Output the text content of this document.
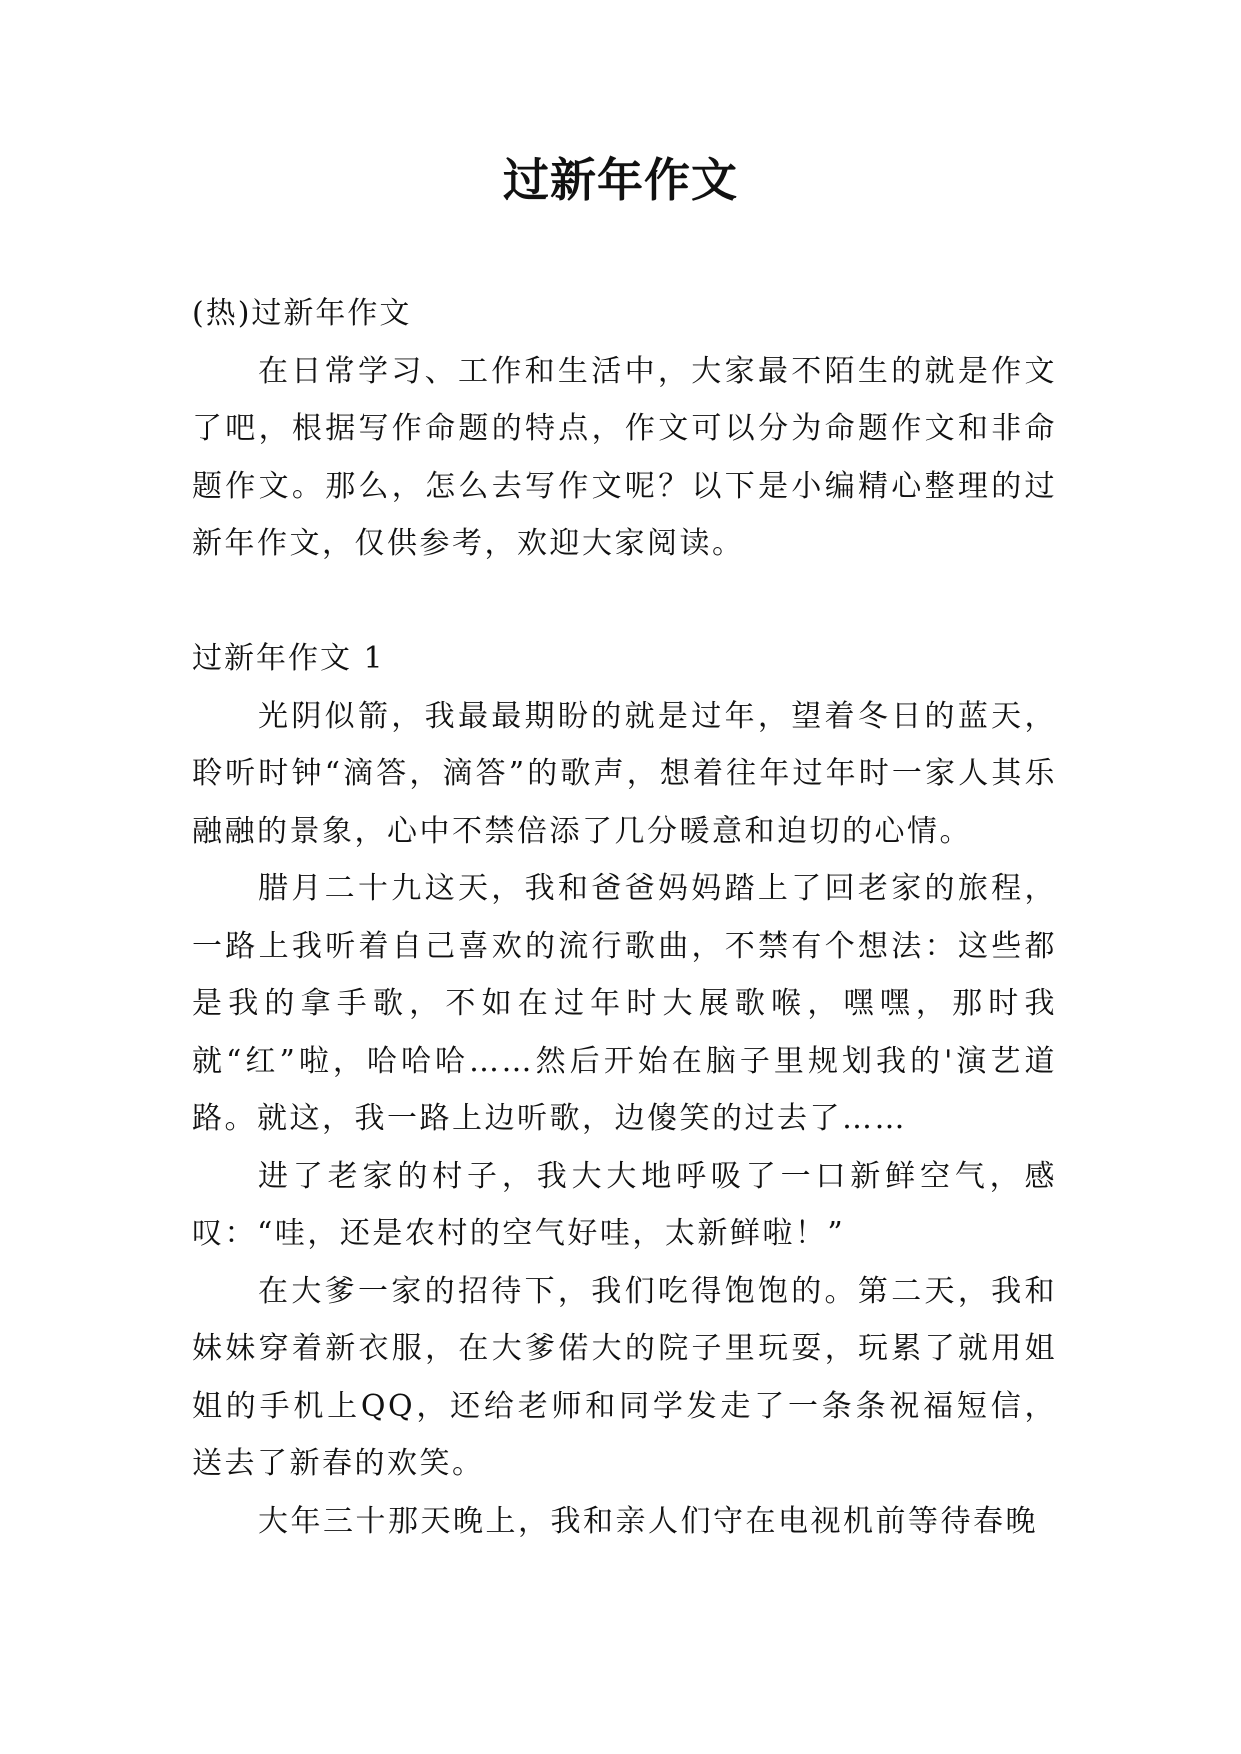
过新年作文

(热)过新年作文

在日常学习、工作和生活中，大家最不陌生的就是作文了吧，根据写作命题的特点，作文可以分为命题作文和非命题作文。那么，怎么去写作文呢？以下是小编精心整理的过新年作文，仅供参考，欢迎大家阅读。

过新年作文 1

光阴似箭，我最最期盼的就是过年，望着冬日的蓝天，聆听时钟“滴答，滴答”的歌声，想着往年过年时一家人其乐融融的景象，心中不禁倍添了几分暖意和迫切的心情。

腊月二十九这天，我和爸爸妈妈踏上了回老家的旅程，一路上我听着自己喜欢的流行歌曲，不禁有个想法：这些都是我的拿手歌，不如在过年时大展歌喉，嘿嘿，那时我就“红”啦，哈哈哈……然后开始在脑子里规划我的'演艺道路。就这，我一路上边听歌，边傻笑的过去了……

进了老家的村子，我大大地呼吸了一口新鲜空气，感叹：“哇，还是农村的空气好哇，太新鲜啦！”

在大爹一家的招待下，我们吃得饱饱的。第二天，我和妹妹穿着新衣服，在大爹偌大的院子里玩耍，玩累了就用姐姐的手机上QQ，还给老师和同学发走了一条条祝福短信，送去了新春的欢笑。

大年三十那天晚上，我和亲人们守在电视机前等待春晚
